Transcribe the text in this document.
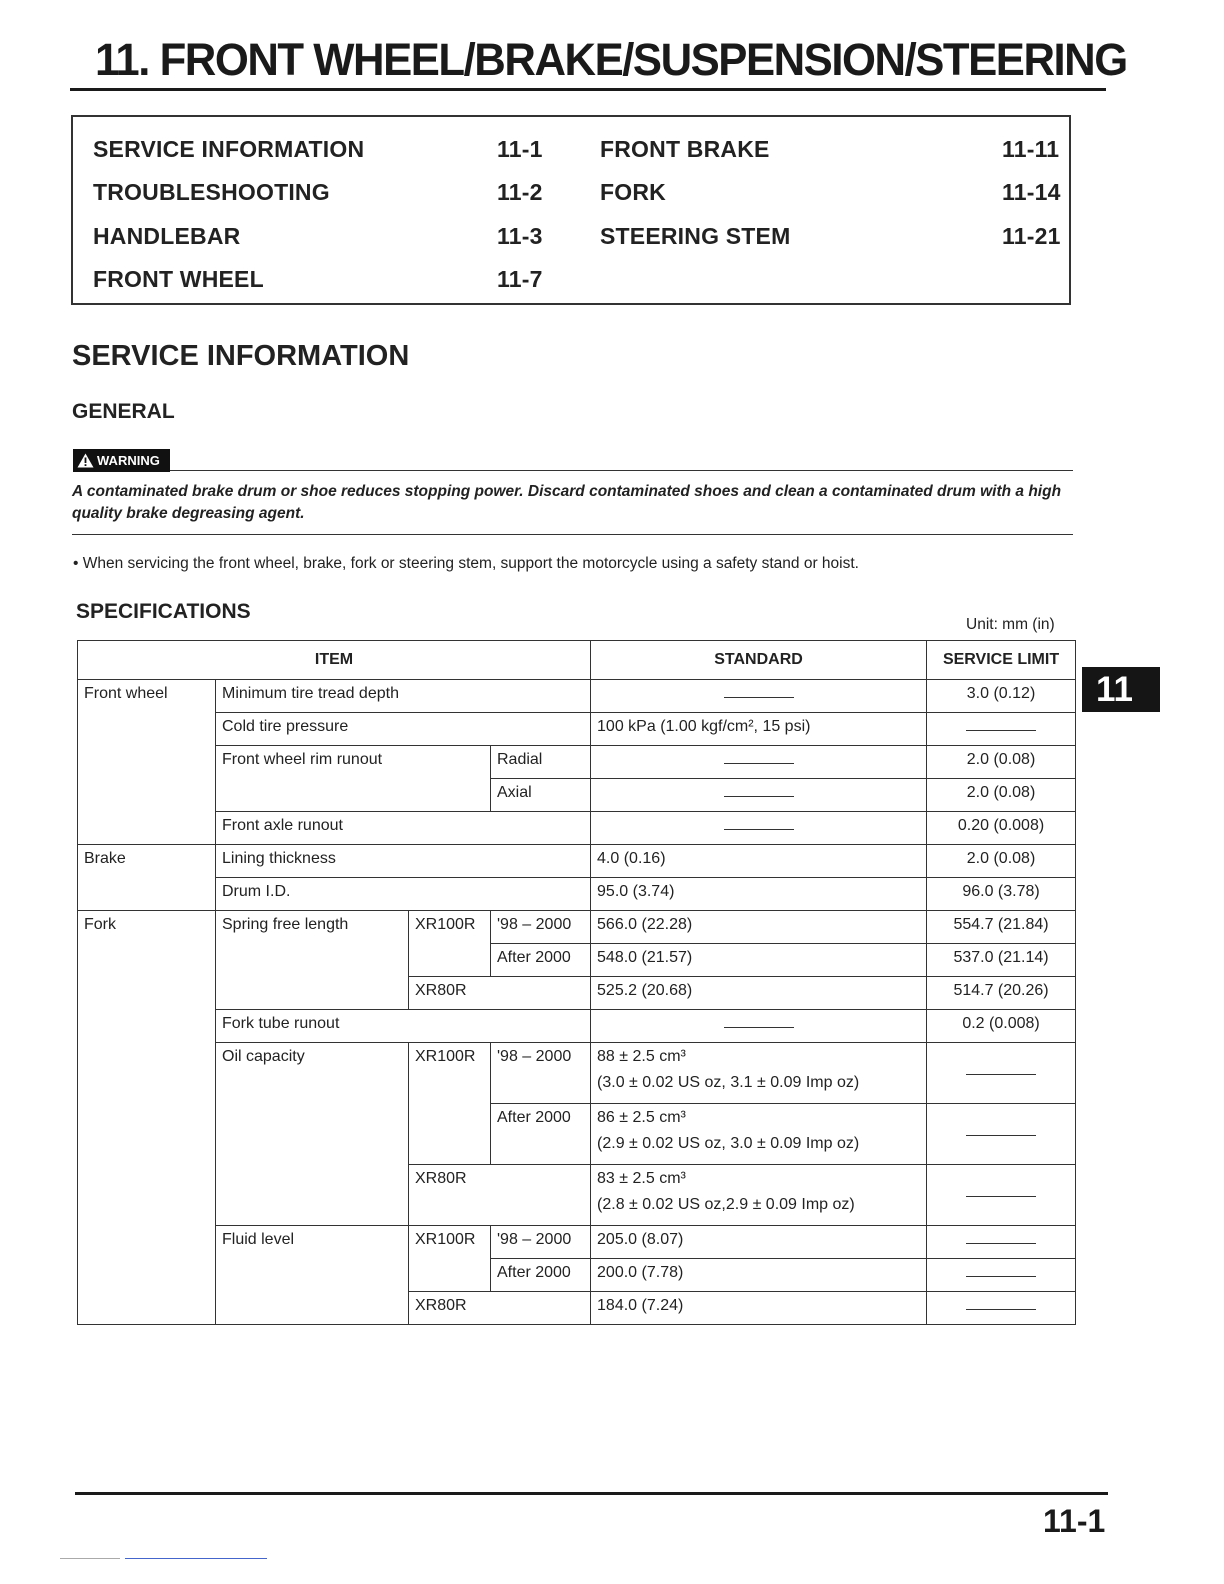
11. FRONT WHEEL/BRAKE/SUSPENSION/STEERING
SERVICE INFORMATION	11-1
TROUBLESHOOTING	11-2
HANDLEBAR	11-3
FRONT WHEEL	11-7
FRONT BRAKE	11-11
FORK	11-14
STEERING STEM	11-21
SERVICE INFORMATION
GENERAL
WARNING

A contaminated brake drum or shoe reduces stopping power. Discard contaminated shoes and clean a contaminated drum with a high quality brake degreasing agent.

• When servicing the front wheel, brake, fork or steering stem, support the motorcycle using a safety stand or hoist.

SPECIFICATIONS
Unit: mm (in)
11
ITEM				STANDARD	SERVICE LIMIT
Front wheel	Minimum tire tread depth				3.0 (0.12)
	Cold tire pressure			100 kPa (1.00 kgf/cm², 15 psi)	
	Front wheel rim runout		Radial		2.0 (0.08)
			Axial		2.0 (0.08)
	Front axle runout				0.20 (0.008)
Brake	Lining thickness			4.0 (0.16)	2.0 (0.08)
	Drum I.D.			95.0 (3.74)	96.0 (3.78)
Fork	Spring free length	XR100R	'98 – 2000	566.0 (22.28)	554.7 (21.84)
			After 2000	548.0 (21.57)	537.0 (21.14)
		XR80R		525.2 (20.68)	514.7 (20.26)
	Fork tube runout				0.2 (0.008)
	Oil capacity	XR100R	'98 – 2000	88 ± 2.5 cm³
(3.0 ± 0.02 US oz, 3.1 ± 0.09 Imp oz)	

			After 2000	86 ± 2.5 cm³
(2.9 ± 0.02 US oz, 3.0 ± 0.09 Imp oz)	

		XR80R		83 ± 2.5 cm³
(2.8 ± 0.02 US oz,2.9 ± 0.09 Imp oz)	

	Fluid level	XR100R	'98 – 2000	205.0 (8.07)	
			After 2000	200.0 (7.78)	
		XR80R		184.0 (7.24)	
11-1
